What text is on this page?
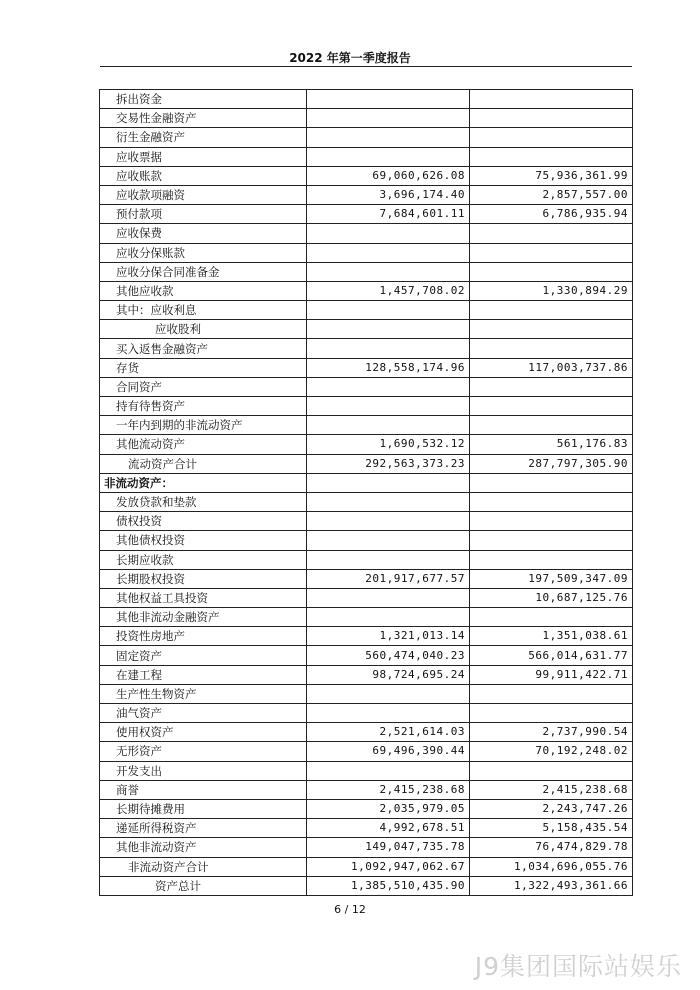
2022 年第一季度报告
拆出资金		
交易性金融资产		
衍生金融资产		
应收票据		
应收账款	69,060,626.08	75,936,361.99
应收款项融资	3,696,174.40	2,857,557.00
预付款项	7,684,601.11	6,786,935.94
应收保费		
应收分保账款		
应收分保合同准备金		
其他应收款	1,457,708.02	1,330,894.29
其中：应收利息		
应收股利		
买入返售金融资产		
存货	128,558,174.96	117,003,737.86
合同资产		
持有待售资产		
一年内到期的非流动资产		
其他流动资产	1,690,532.12	561,176.83
流动资产合计	292,563,373.23	287,797,305.90
非流动资产：		
发放贷款和垫款		
债权投资		
其他债权投资		
长期应收款		
长期股权投资	201,917,677.57	197,509,347.09
其他权益工具投资		10,687,125.76
其他非流动金融资产		
投资性房地产	1,321,013.14	1,351,038.61
固定资产	560,474,040.23	566,014,631.77
在建工程	98,724,695.24	99,911,422.71
生产性生物资产		
油气资产		
使用权资产	2,521,614.03	2,737,990.54
无形资产	69,496,390.44	70,192,248.02
开发支出		
商誉	2,415,238.68	2,415,238.68
长期待摊费用	2,035,979.05	2,243,747.26
递延所得税资产	4,992,678.51	5,158,435.54
其他非流动资产	149,047,735.78	76,474,829.78
非流动资产合计	1,092,947,062.67	1,034,696,055.76
资产总计	1,385,510,435.90	1,322,493,361.66
6 / 12
J9集团国际站娱乐
